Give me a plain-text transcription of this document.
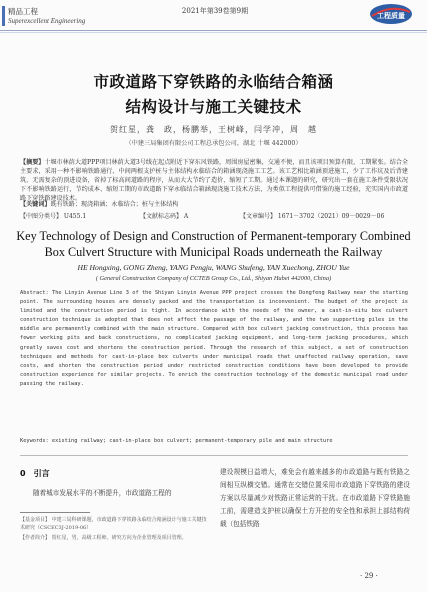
精品工程
Superexcellent Engineering
2021年第39卷第9期
工程质量
市政道路下穿铁路的永临结合箱涵
结构设计与施工关键技术
贺红星，龚　政，杨鹏举，王树峰，闫学冲，周　越
（中建三局集团有限公司工程总承包公司，湖北 十堰 442000）
【摘要】十堰市林荫大道PPP项目林荫大道3号线在起点附近下穿东风铁路，周围房屋密集，交通不便，而且该项目预算有限，工期紧张。结合全主要求，采用一种不影响铁路通行、中间两根支护桩与主体结构永临结合的箱涵现浇施工工艺。该工艺相比箱涵顶进施工，少了工作坑及后背建筑，无需复杂的顶进设备，省掉了标高间道路的程序，从而大大节约了造价，缩短了工期。通过本课题的研究，研究出一套在施工条件受限状况下不影响铁路运行，节约成本、缩短工期的市政道路下穿永临结合箱涵现浇施工技术方法，为类似工程提供可借鉴的施工经验，充实国内市政道路下穿铁路建设技术。
【关键词】既有铁路；现浇箱涵；永临结合；桩与主体结构
【中图分类号】 U455.1	【文献标志码】 A	【文章编号】 1671－3702（2021）09－0029－06
Key Technology of Design and Construction of Permanent-temporary Combined
Box Culvert Structure with Municipal Roads underneath the Railway
HE Hongxing, GONG Zheng, YANG Pengju, WANG Shufeng, YAN Xuechong, ZHOU Yue
( General Construction Company of CCTEB Group Co., Ltd., Shiyan Hubei 442000, China)
Abstract: The Linyin Avenue Line 3 of the Shiyan Linyin Avenue PPP project crosses the Dongfeng Railway near the starting point. The surrounding houses are densely packed and the transportation is inconvenient. The budget of the project is limited and the construction period is tight. In accordance with the needs of the owner, a cast-in-situ box culvert construction technique is adopted that does not affect the passage of the railway, and the two supporting piles in the middle are permanently combined with the main structure. Compared with box culvert jacking construction, this process has fewer working pits and back constructions, no complicated jacking equipment, and long-term jacking procedures, which greatly saves cost and shortens the construction period. Through the research of this subject, a set of construction techniques and methods for cast-in-place box culverts under municipal roads that unaffected railway operation, save costs, and shorten the construction period under restricted construction conditions have been developed to provide construction experience for similar projects. To enrich the construction technology of the domestic municipal road under passing the railway.
Keywords: existing railway; cast-in-place box culvert; permanent-temporary pile and main structure
0　引言
随着城市发展水平的不断提升，市政道路工程的
【基金项目】 中建三局科研课题，市政道路下穿铁路永临结合箱涵设计与施工关键技术研究（CSCEC3J-2019-06）
【作者简介】 贺红星，男，高级工程师。研究方向为企业管理及项目管理。
建设规模日益增大，难免会有越来越多的市政道路与既有铁路之间相互纵横交错。通常在交错位置采用市政道路下穿铁路的建设方案以尽量减少对铁路正常运营的干扰。在市政道路下穿铁路施工前，需建造支护桩以确保土方开挖的安全性和承担上部结构荷载（包括铁路
· 29 ·
